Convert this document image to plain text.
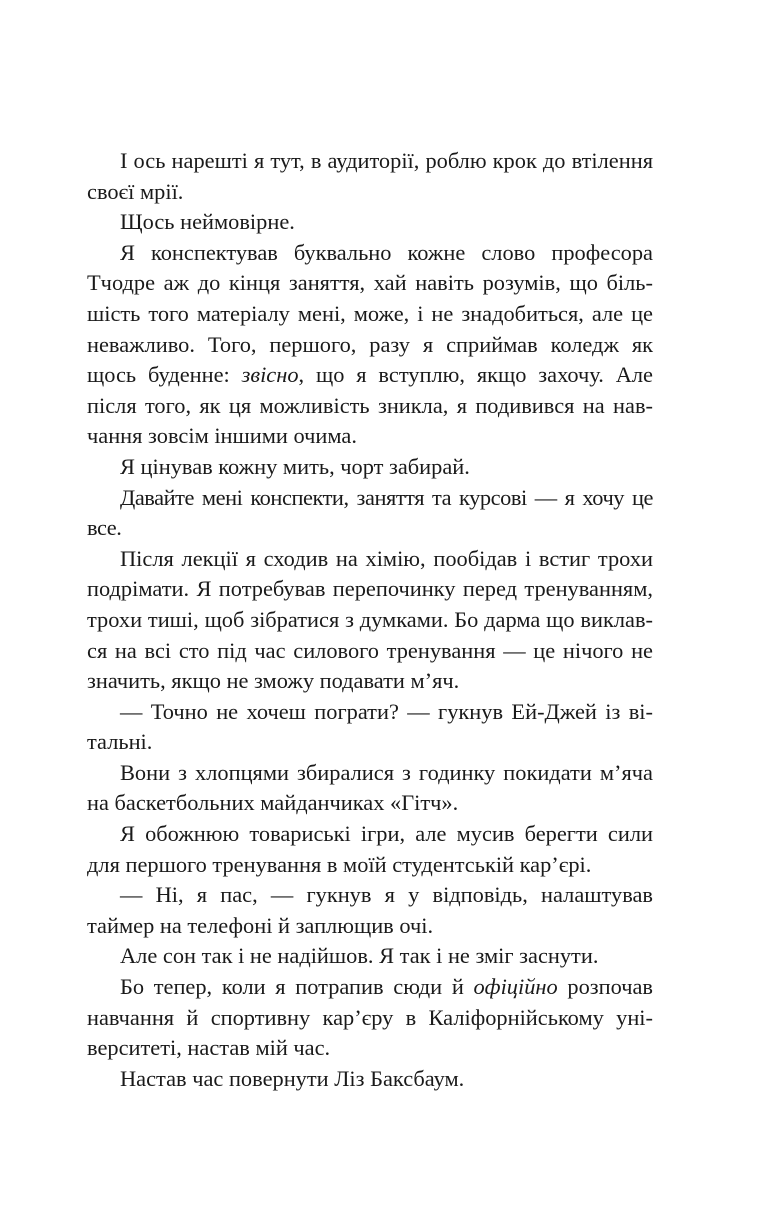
І ось нарешті я тут, в аудиторії, роблю крок до втілення своєї мрії.

Щось неймовірне.

Я конспектував буквально кожне слово професора Тчодре аж до кінця заняття, хай навіть розумів, що більшість того матеріалу мені, може, і не знадобиться, але це неважливо. Того, першого, разу я сприймав коледж як щось буденне: звісно, що я вступлю, якщо захочу. Але після того, як ця можливість зникла, я подивився на навчання зовсім іншими очима.

Я цінував кожну мить, чорт забирай.

Давайте мені конспекти, заняття та курсові — я хочу це все.

Після лекції я сходив на хімію, пообідав і встиг трохи подрімати. Я потребував перепочинку перед тренуванням, трохи тиші, щоб зібратися з думками. Бо дарма що виклався на всі сто під час силового тренування — це нічого не значить, якщо не зможу подавати м’яч.

— Точно не хочеш пограти? — гукнув Ей-Джей із вітальні.

Вони з хлопцями збиралися з годинку покидати м’яча на баскетбольних майданчиках «Гітч».

Я обожнюю товариські ігри, але мусив берегти сили для першого тренування в моїй студентській кар’єрі.

— Ні, я пас, — гукнув я у відповідь, налаштував таймер на телефоні й заплющив очі.

Але сон так і не надійшов. Я так і не зміг заснути.

Бо тепер, коли я потрапив сюди й офіційно розпочав навчання й спортивну кар’єру в Каліфорнійському університеті, настав мій час.

Настав час повернути Ліз Баксбаум.
